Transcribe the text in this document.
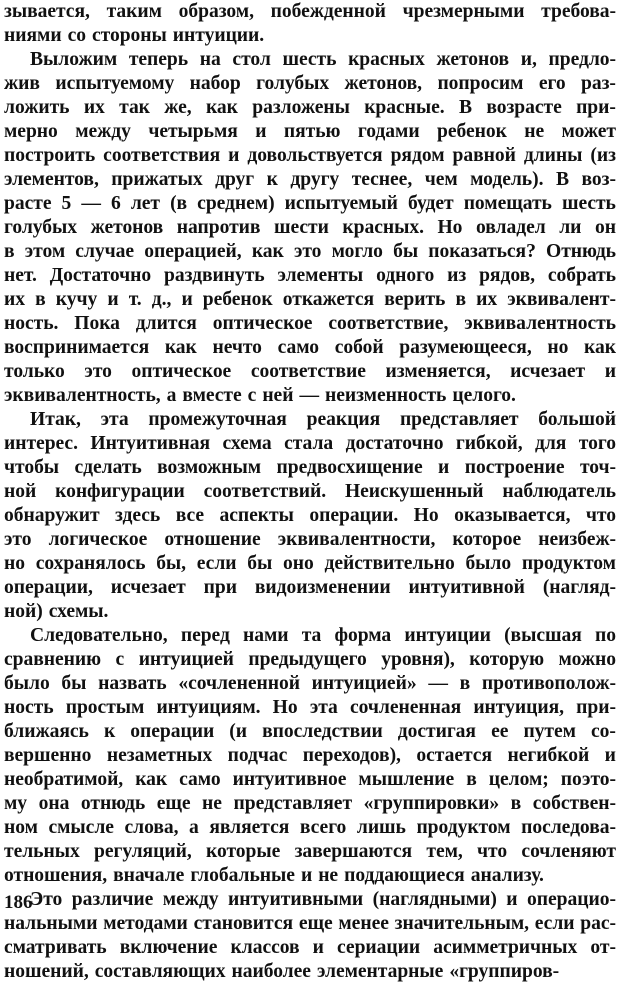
зывается, таким образом, побежденной чрезмерными требова-
ниями со стороны интуиции.
Выложим теперь на стол шесть красных жетонов и, предло-
жив испытуемому набор голубых жетонов, попросим его раз-
ложить их так же, как разложены красные. В возрасте при-
мерно между четырьмя и пятью годами ребенок не может
построить соответствия и довольствуется рядом равной длины (из
элементов, прижатых друг к другу теснее, чем модель). В воз-
расте 5 — 6 лет (в среднем) испытуемый будет помещать шесть
голубых жетонов напротив шести красных. Но овладел ли он
в этом случае операцией, как это могло бы показаться? Отнюдь
нет. Достаточно раздвинуть элементы одного из рядов, собрать
их в кучу и т. д., и ребенок откажется верить в их эквивалент-
ность. Пока длится оптическое соответствие, эквивалентность
воспринимается как нечто само собой разумеющееся, но как
только это оптическое соответствие изменяется, исчезает и
эквивалентность, а вместе с ней — неизменность целого.
Итак, эта промежуточная реакция представляет большой
интерес. Интуитивная схема стала достаточно гибкой, для того
чтобы сделать возможным предвосхищение и построение точ-
ной конфигурации соответствий. Неискушенный наблюдатель
обнаружит здесь все аспекты операции. Но оказывается, что
это логическое отношение эквивалентности, которое неизбеж-
но сохранялось бы, если бы оно действительно было продуктом
операции, исчезает при видоизменении интуитивной (нагляд-
ной) схемы.
Следовательно, перед нами та форма интуиции (высшая по
сравнению с интуицией предыдущего уровня), которую можно
было бы назвать «сочлененной интуицией» — в противополож-
ность простым интуициям. Но эта сочлененная интуиция, при-
ближаясь к операции (и впоследствии достигая ее путем со-
вершенно незаметных подчас переходов), остается негибкой и
необратимой, как само интуитивное мышление в целом; поэто-
му она отнюдь еще не представляет «группировки» в собствен-
ном смысле слова, а является всего лишь продуктом последова-
тельных регуляций, которые завершаются тем, что сочленяют
отношения, вначале глобальные и не поддающиеся анализу.
Это различие между интуитивными (наглядными) и операцио-
нальными методами становится еще менее значительным, если рас-
сматривать включение классов и сериации асимметричных от-
ношений, составляющих наиболее элементарные «группиров-
186
